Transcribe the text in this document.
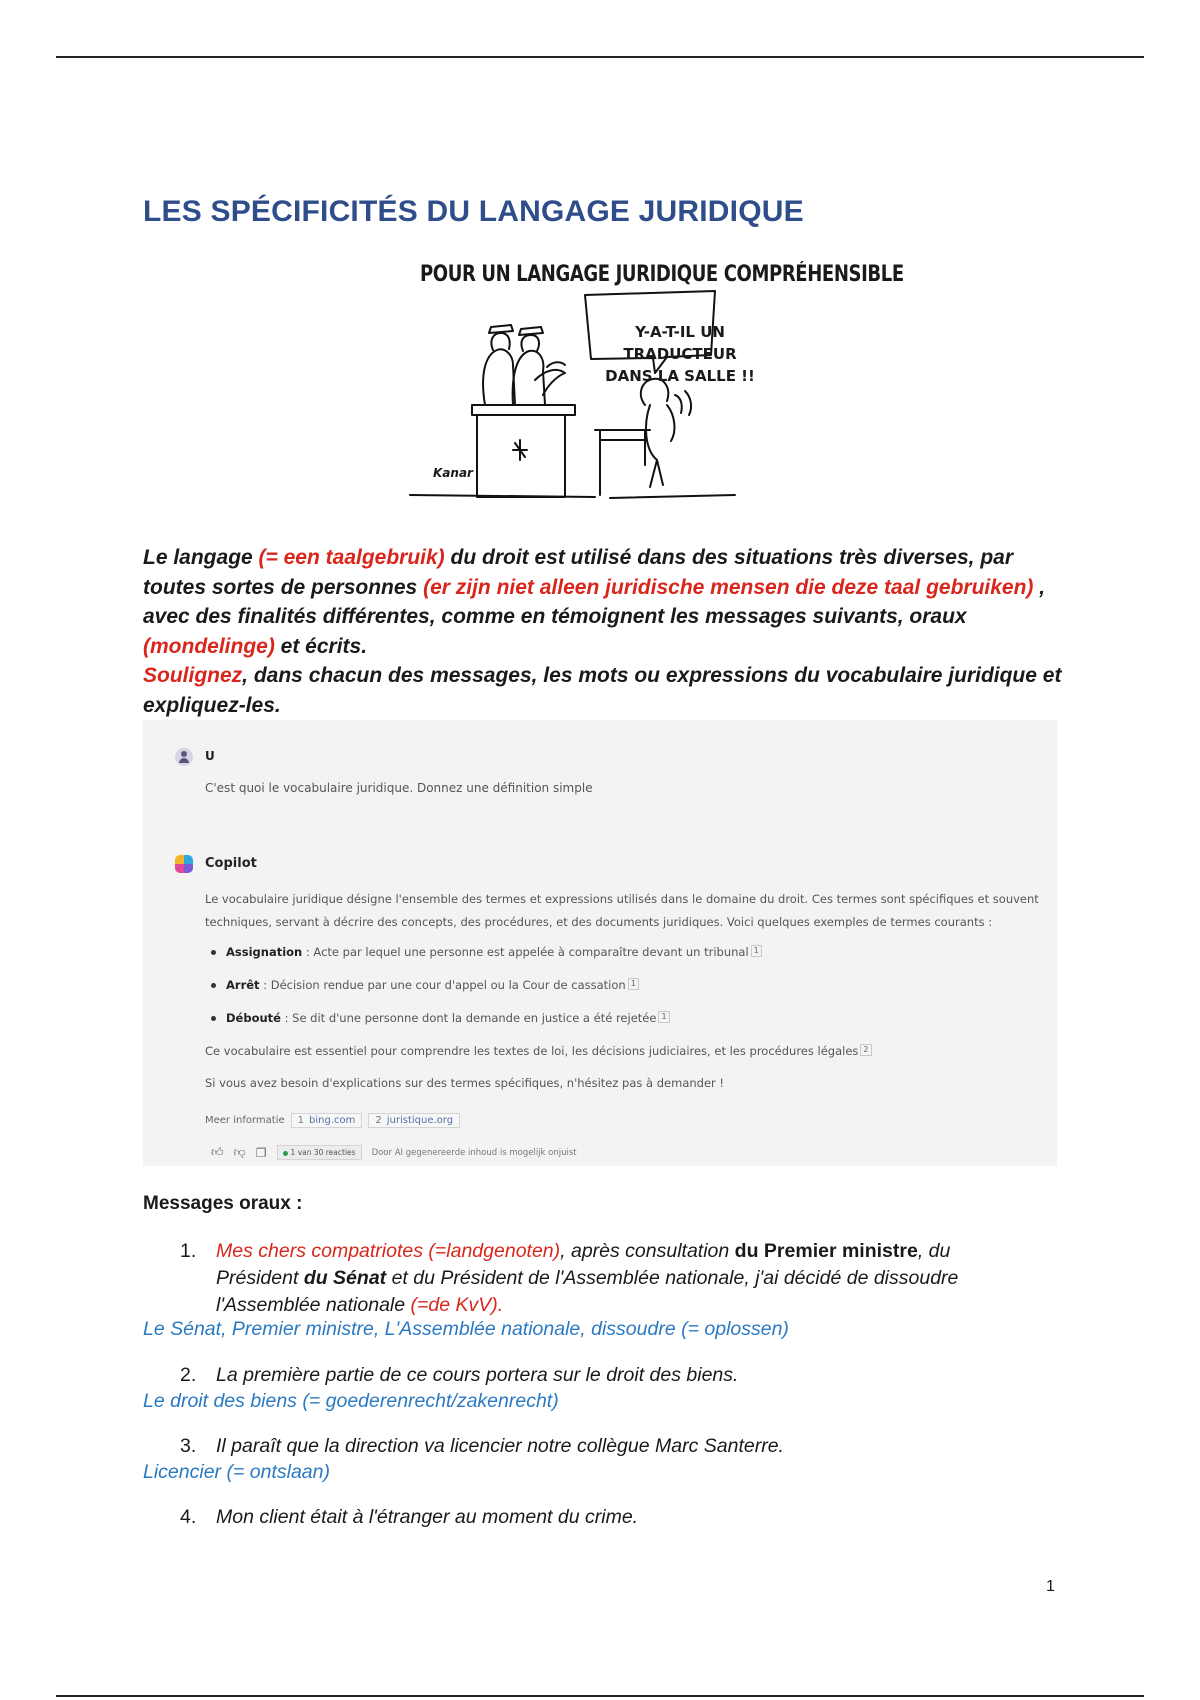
LES SPÉCIFICITÉS DU LANGAGE JURIDIQUE
POUR UN LANGAGE JURIDIQUE COMPRÉHENSIBLE
Y-A-T-IL UN TRADUCTEUR
DANS LA SALLE !!
Kanar

Le langage (= een taalgebruik) du droit est utilisé dans des situations très diverses, par toutes sortes de personnes (er zijn niet alleen juridische mensen die deze taal gebruiken) , avec des finalités différentes, comme en témoignent les messages suivants, oraux (mondelinge) et écrits.
Soulignez, dans chacun des messages, les mots ou expressions du vocabulaire juridique et expliquez-les.

U
C'est quoi le vocabulaire juridique. Donnez une définition simple
Copilot
Le vocabulaire juridique désigne l'ensemble des termes et expressions utilisés dans le domaine du droit. Ces termes sont spécifiques et souvent techniques, servant à décrire des concepts, des procédures, et des documents juridiques. Voici quelques exemples de termes courants :
Assignation : Acte par lequel une personne est appelée à comparaître devant un tribunal 1
Arrêt : Décision rendue par une cour d'appel ou la Cour de cassation 1
Débouté : Se dit d'une personne dont la demande en justice a été rejetée 1
Ce vocabulaire est essentiel pour comprendre les textes de loi, les décisions judiciaires, et les procédures légales 2
Si vous avez besoin d'explications sur des termes spécifiques, n'hésitez pas à demander !
Meer informatie	1 bing.com	2 juristique.org
👍︎ 👎︎ ❐	1 van 30 reacties	Door AI gegenereerde inhoud is mogelijk onjuist
Messages oraux :
1. Mes chers compatriotes (=landgenoten), après consultation du Premier ministre, du Président du Sénat et du Président de l'Assemblée nationale, j'ai décidé de dissoudre l'Assemblée nationale (=de KvV).
Le Sénat, Premier ministre, L'Assemblée nationale, dissoudre (= oplossen)
2. La première partie de ce cours portera sur le droit des biens.
Le droit des biens (= goederenrecht/zakenrecht)
3. Il paraît que la direction va licencier notre collègue Marc Santerre.
Licencier (= ontslaan)
4. Mon client était à l'étranger au moment du crime.
1
